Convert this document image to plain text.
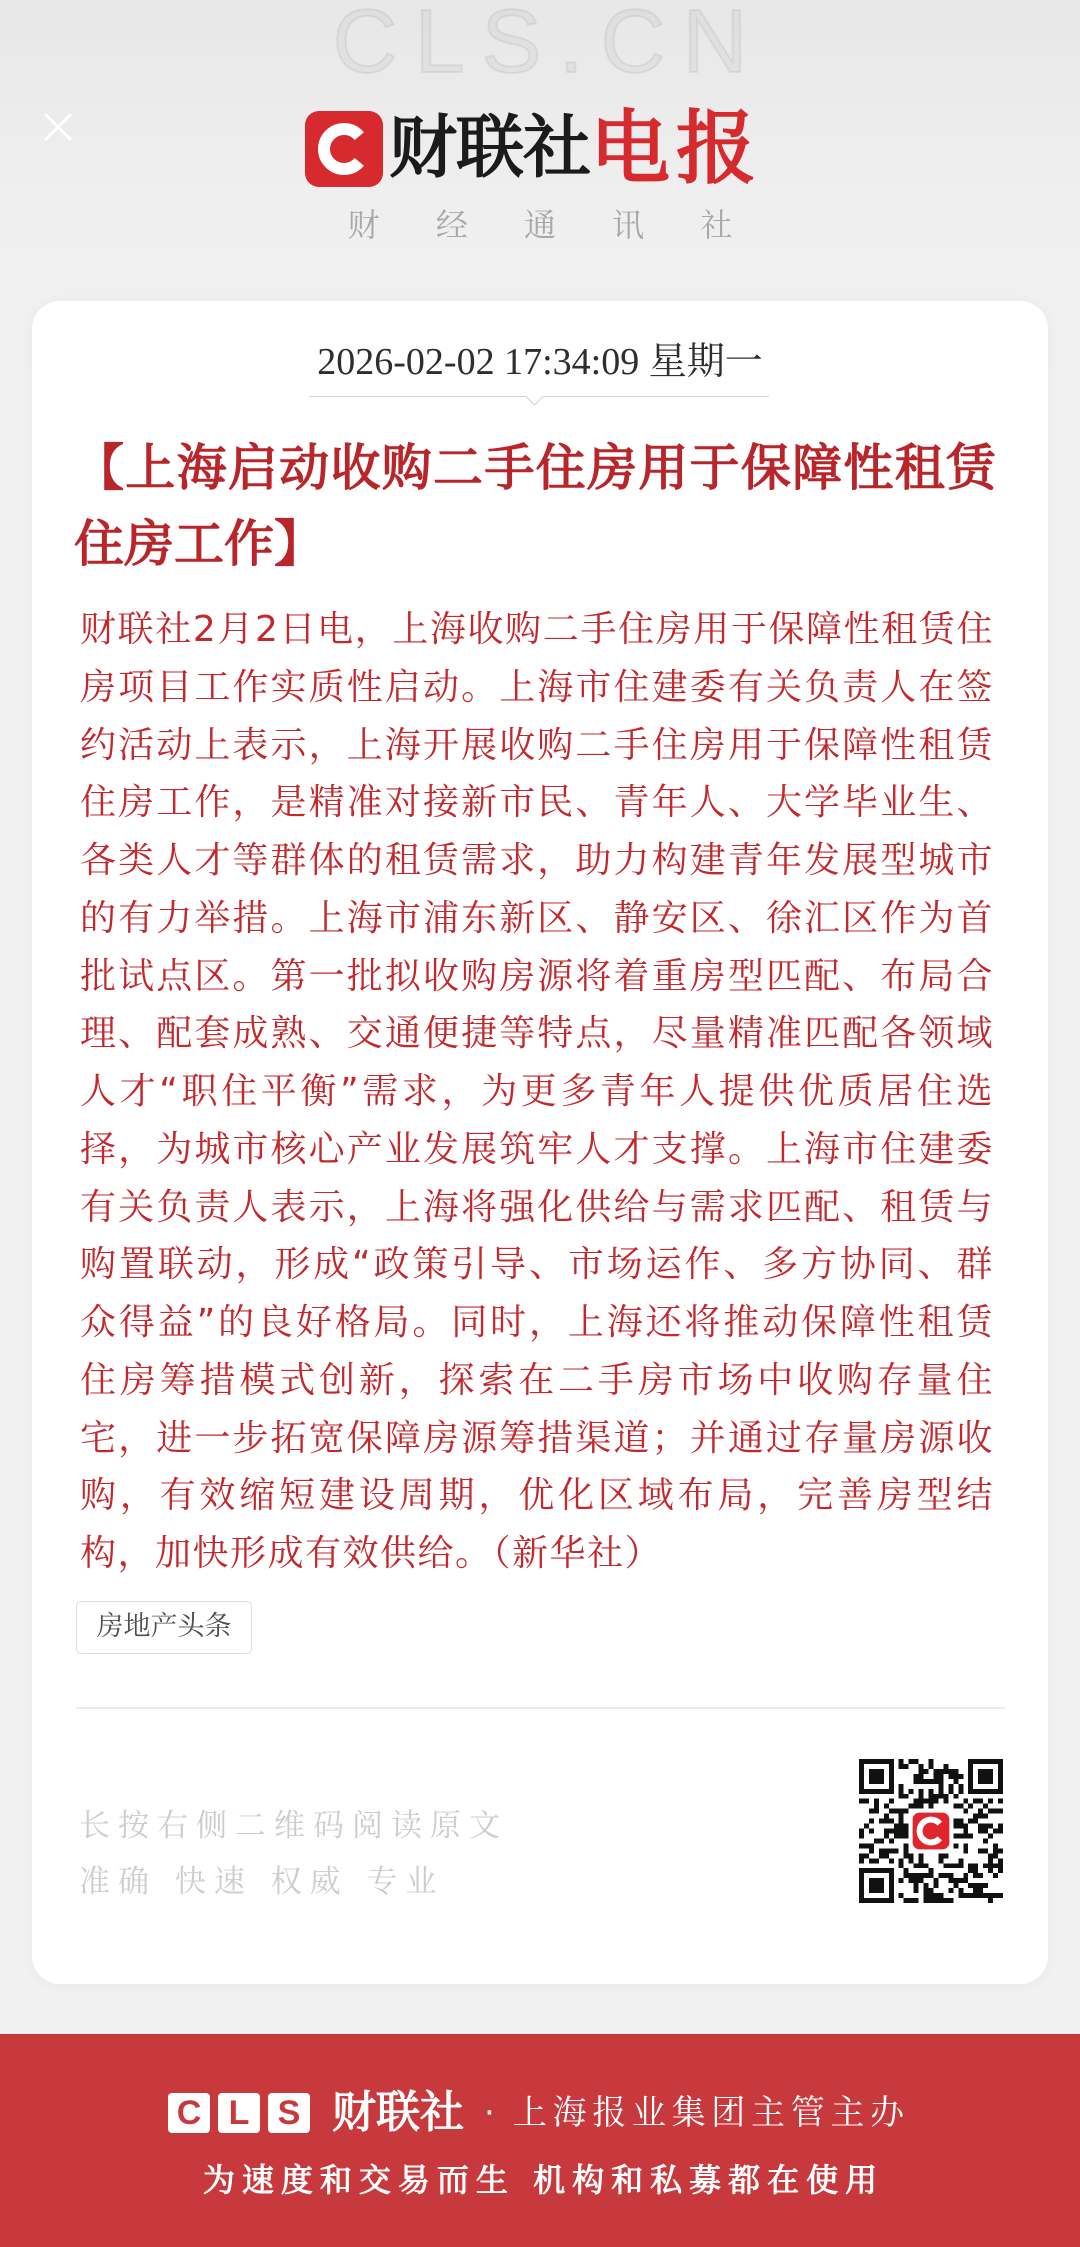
CLS.CN
财联社 电报
财 经 通 讯 社
2026-02-02 17:34:09 星期一
【上海启动收购二手住房用于保障性租赁
住房工作】
财联社2月2日电，上海收购二手住房用于保障性租赁住
房项目工作实质性启动。上海市住建委有关负责人在签
约活动上表示，上海开展收购二手住房用于保障性租赁
住房工作，是精准对接新市民、青年人、大学毕业生、
各类人才等群体的租赁需求，助力构建青年发展型城市
的有力举措。上海市浦东新区、静安区、徐汇区作为首
批试点区。第一批拟收购房源将着重房型匹配、布局合
理、配套成熟、交通便捷等特点，尽量精准匹配各领域
人才“职住平衡”需求，为更多青年人提供优质居住选
择，为城市核心产业发展筑牢人才支撑。上海市住建委
有关负责人表示，上海将强化供给与需求匹配、租赁与
购置联动，形成“政策引导、市场运作、多方协同、群
众得益”的良好格局。同时，上海还将推动保障性租赁
住房筹措模式创新，探索在二手房市场中收购存量住
宅，进一步拓宽保障房源筹措渠道；并通过存量房源收
购，有效缩短建设周期，优化区域布局，完善房型结
构，加快形成有效供给。（新华社）
房地产头条
长按右侧二维码阅读原文
准确 快速 权威 专业
C L S 财联社 · 上海报业集团主管主办
为速度和交易而生 机构和私募都在使用
